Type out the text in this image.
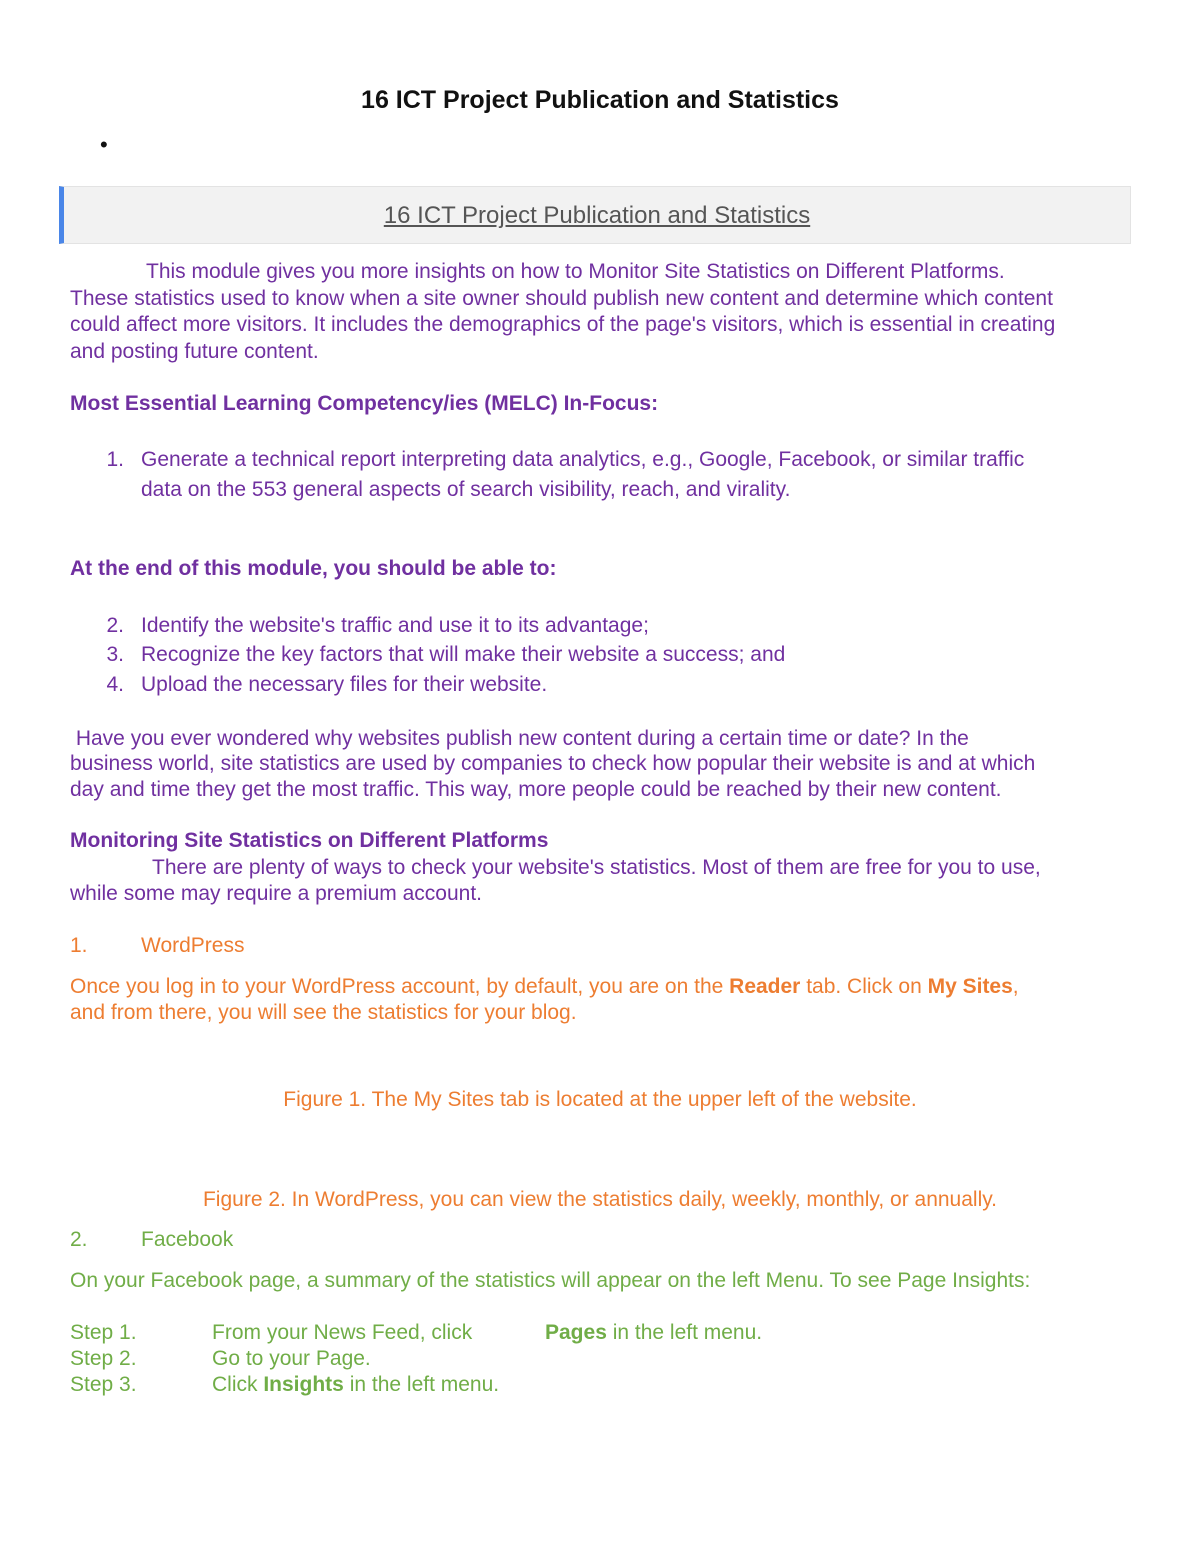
16 ICT Project Publication and Statistics
•
16 ICT Project Publication and Statistics
This module gives you more insights on how to Monitor Site Statistics on Different Platforms.
These statistics used to know when a site owner should publish new content and determine which content
could affect more visitors. It includes the demographics of the page's visitors, which is essential in creating
and posting future content.
Most Essential Learning Competency/ies (MELC) In-Focus:
1. Generate a technical report interpreting data analytics, e.g., Google, Facebook, or similar traffic
data on the 553 general aspects of search visibility, reach, and virality.
At the end of this module, you should be able to:
2. Identify the website's traffic and use it to its advantage;
3. Recognize the key factors that will make their website a success; and
4. Upload the necessary files for their website.
Have you ever wondered why websites publish new content during a certain time or date? In the
business world, site statistics are used by companies to check how popular their website is and at which
day and time they get the most traffic. This way, more people could be reached by their new content.
Monitoring Site Statistics on Different Platforms
There are plenty of ways to check your website's statistics. Most of them are free for you to use,
while some may require a premium account.
1.	WordPress
Once you log in to your WordPress account, by default, you are on the Reader tab. Click on My Sites,
and from there, you will see the statistics for your blog.
Figure 1. The My Sites tab is located at the upper left of the website.
Figure 2. In WordPress, you can view the statistics daily, weekly, monthly, or annually.
2.	Facebook
On your Facebook page, a summary of the statistics will appear on the left Menu. To see Page Insights:
Step 1.	From your News Feed, click	Pages in the left menu.
Step 2.	Go to your Page.
Step 3.	Click Insights in the left menu.
